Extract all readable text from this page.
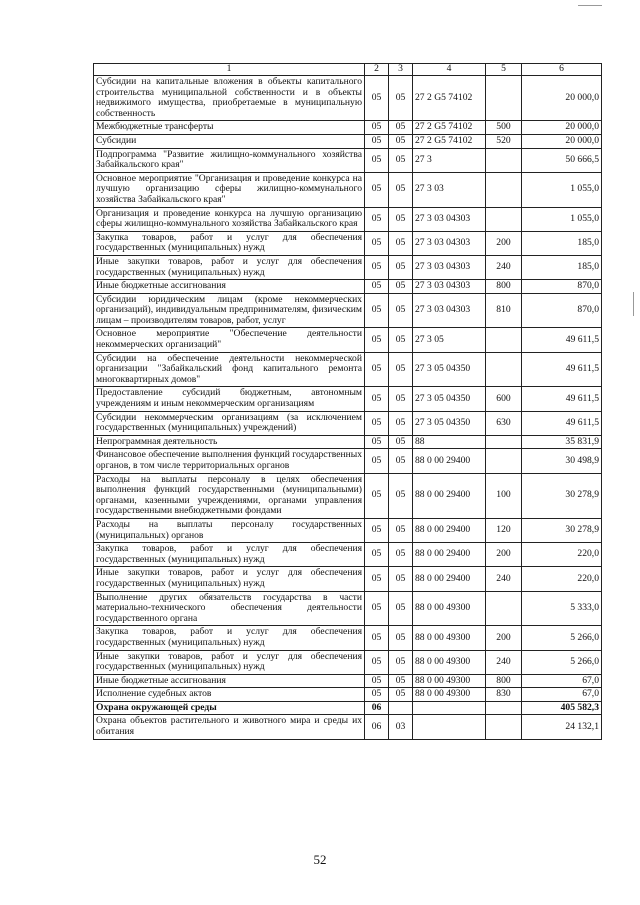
1	2	3	4	5	6
Субсидии на капитальные вложения в объекты капитального строительства муниципальной собственности и в объекты недвижимого имущества, приобретаемые в муниципальную собственность	05	05	27 2 G5 74102		20 000,0
Межбюджетные трансферты	05	05	27 2 G5 74102	500	20 000,0
Субсидии	05	05	27 2 G5 74102	520	20 000,0
Подпрограмма "Развитие жилищно-коммунального хозяйства Забайкальского края"	05	05	27 3		50 666,5
Основное мероприятие "Организация и проведение конкурса на лучшую организацию сферы жилищно-коммунального хозяйства Забайкальского края"	05	05	27 3 03		1 055,0
Организация и проведение конкурса на лучшую организацию сферы жилищно-коммунального хозяйства Забайкальского края	05	05	27 3 03 04303		1 055,0
Закупка товаров, работ и услуг для обеспечения государственных (муниципальных) нужд	05	05	27 3 03 04303	200	185,0
Иные закупки товаров, работ и услуг для обеспечения государственных (муниципальных) нужд	05	05	27 3 03 04303	240	185,0
Иные бюджетные ассигнования	05	05	27 3 03 04303	800	870,0
Субсидии юридическим лицам (кроме некоммерческих организаций), индивидуальным предпринимателям, физическим лицам – производителям товаров, работ, услуг	05	05	27 3 03 04303	810	870,0
Основное мероприятие "Обеспечение деятельности некоммерческих организаций"	05	05	27 3 05		49 611,5
Субсидии на обеспечение деятельности некоммерческой организации "Забайкальский фонд капитального ремонта многоквартирных домов"	05	05	27 3 05 04350		49 611,5
Предоставление субсидий бюджетным, автономным учреждениям и иным некоммерческим организациям	05	05	27 3 05 04350	600	49 611,5
Субсидии некоммерческим организациям (за исключением государственных (муниципальных) учреждений)	05	05	27 3 05 04350	630	49 611,5
Непрограммная деятельность	05	05	88		35 831,9
Финансовое обеспечение выполнения функций государственных органов, в том числе территориальных органов	05	05	88 0 00 29400		30 498,9
Расходы на выплаты персоналу в целях обеспечения выполнения функций государственными (муниципальными) органами, казенными учреждениями, органами управления государственными внебюджетными фондами	05	05	88 0 00 29400	100	30 278,9
Расходы на выплаты персоналу государственных (муниципальных) органов	05	05	88 0 00 29400	120	30 278,9
Закупка товаров, работ и услуг для обеспечения государственных (муниципальных) нужд	05	05	88 0 00 29400	200	220,0
Иные закупки товаров, работ и услуг для обеспечения государственных (муниципальных) нужд	05	05	88 0 00 29400	240	220,0
Выполнение других обязательств государства в части материально-технического обеспечения деятельности государственного органа	05	05	88 0 00 49300		5 333,0
Закупка товаров, работ и услуг для обеспечения государственных (муниципальных) нужд	05	05	88 0 00 49300	200	5 266,0
Иные закупки товаров, работ и услуг для обеспечения государственных (муниципальных) нужд	05	05	88 0 00 49300	240	5 266,0
Иные бюджетные ассигнования	05	05	88 0 00 49300	800	67,0
Исполнение судебных актов	05	05	88 0 00 49300	830	67,0
Охрана окружающей среды	06				405 582,3
Охрана объектов растительного и животного мира и среды их обитания	06	03			24 132,1
52
